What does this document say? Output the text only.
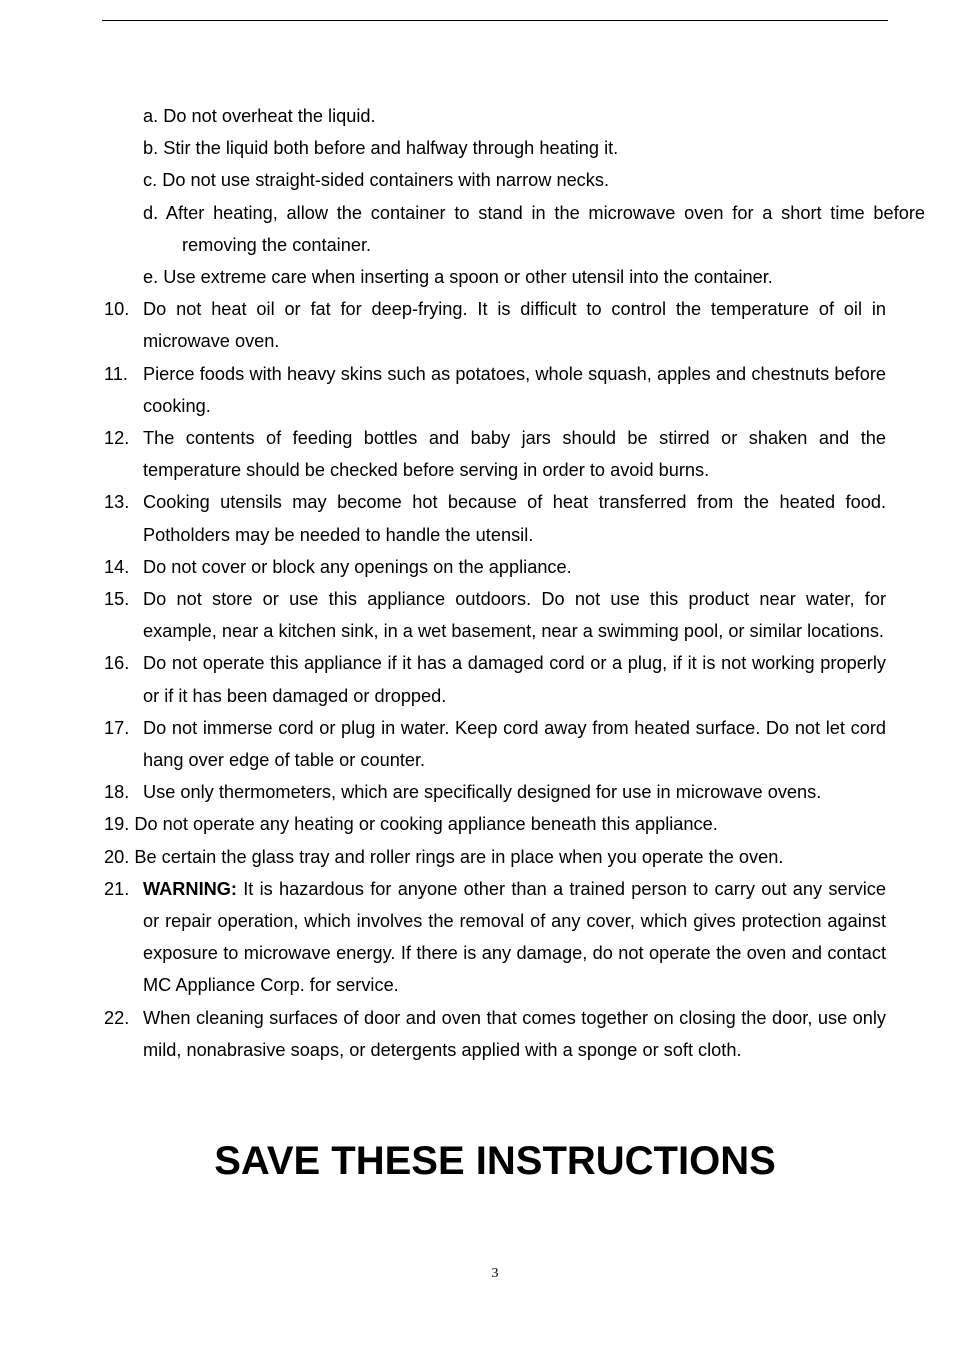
a. Do not overheat the liquid.
b. Stir the liquid both before and halfway through heating it.
c. Do not use straight-sided containers with narrow necks.
d. After heating, allow the container to stand in the microwave oven for a short time before removing the container.
e. Use extreme care when inserting a spoon or other utensil into the container.
10. Do not heat oil or fat for deep-frying. It is difficult to control the temperature of oil in microwave oven.
11. Pierce foods with heavy skins such as potatoes, whole squash, apples and chestnuts before cooking.
12. The contents of feeding bottles and baby jars should be stirred or shaken and the temperature should be checked before serving in order to avoid burns.
13. Cooking utensils may become hot because of heat transferred from the heated food. Potholders may be needed to handle the utensil.
14. Do not cover or block any openings on the appliance.
15. Do not store or use this appliance outdoors. Do not use this product near water, for example, near a kitchen sink, in a wet basement, near a swimming pool, or similar locations.
16. Do not operate this appliance if it has a damaged cord or a plug, if it is not working properly or if it has been damaged or dropped.
17. Do not immerse cord or plug in water. Keep cord away from heated surface. Do not let cord hang over edge of table or counter.
18. Use only thermometers, which are specifically designed for use in microwave ovens.
19. Do not operate any heating or cooking appliance beneath this appliance.
20. Be certain the glass tray and roller rings are in place when you operate the oven.
21. WARNING: It is hazardous for anyone other than a trained person to carry out any service or repair operation, which involves the removal of any cover, which gives protection against exposure to microwave energy. If there is any damage, do not operate the oven and contact MC Appliance Corp. for service.
22. When cleaning surfaces of door and oven that comes together on closing the door, use only mild, nonabrasive soaps, or detergents applied with a sponge or soft cloth.
SAVE THESE INSTRUCTIONS
3
